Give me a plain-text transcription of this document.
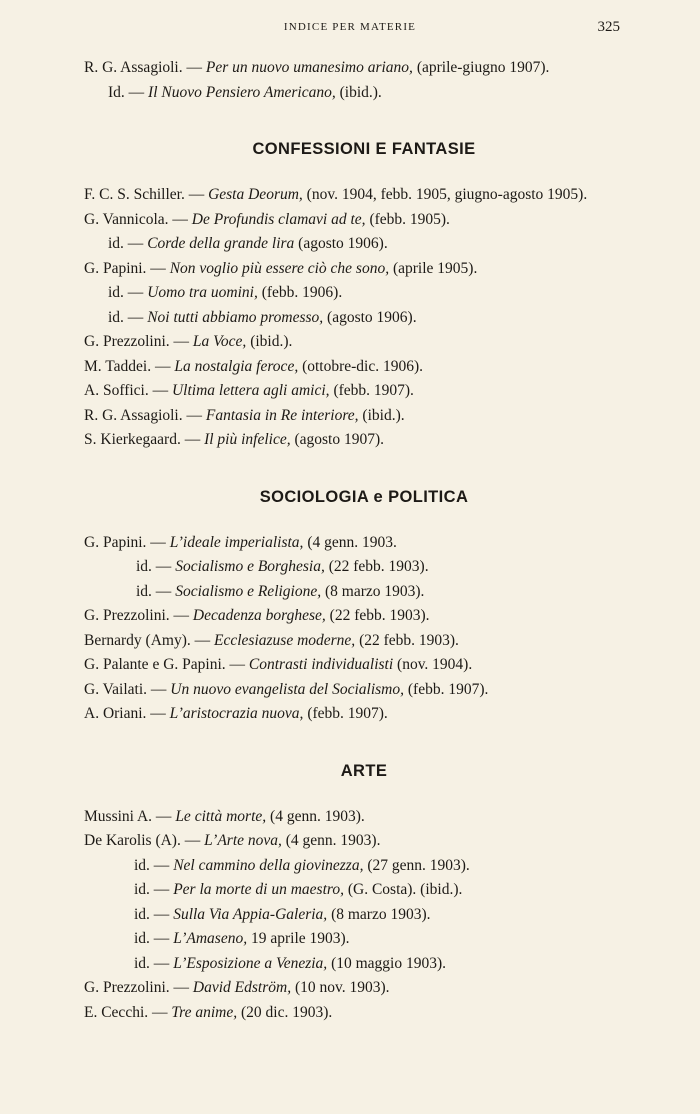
INDICE PER MATERIE	325

R. G. Assagioli. — Per un nuovo umanesimo ariano, (aprile-giugno 1907).

Id. — Il Nuovo Pensiero Americano, (ibid.).

CONFESSIONI E FANTASIE

F. C. S. Schiller. — Gesta Deorum, (nov. 1904, febb. 1905, giugno-agosto 1905).

G. Vannicola. — De Profundis clamavi ad te, (febb. 1905).

id. — Corde della grande lira (agosto 1906).

G. Papini. — Non voglio più essere ciò che sono, (aprile 1905).

id. — Uomo tra uomini, (febb. 1906).

id. — Noi tutti abbiamo promesso, (agosto 1906).

G. Prezzolini. — La Voce, (ibid.).

M. Taddei. — La nostalgia feroce, (ottobre-dic. 1906).

A. Soffici. — Ultima lettera agli amici, (febb. 1907).

R. G. Assagioli. — Fantasia in Re interiore, (ibid.).

S. Kierkegaard. — Il più infelice, (agosto 1907).

SOCIOLOGIA e POLITICA

G. Papini. — L’ideale imperialista, (4 genn. 1903.

id. — Socialismo e Borghesia, (22 febb. 1903).

id. — Socialismo e Religione, (8 marzo 1903).

G. Prezzolini. — Decadenza borghese, (22 febb. 1903).

Bernardy (Amy). — Ecclesiazuse moderne, (22 febb. 1903).

G. Palante e G. Papini. — Contrasti individualisti (nov. 1904).

G. Vailati. — Un nuovo evangelista del Socialismo, (febb. 1907).

A. Oriani. — L’aristocrazia nuova, (febb. 1907).

ARTE

Mussini A. — Le città morte, (4 genn. 1903).

De Karolis (A). — L’Arte nova, (4 genn. 1903).

id. — Nel cammino della giovinezza, (27 genn. 1903).

id. — Per la morte di un maestro, (G. Costa). (ibid.).

id. — Sulla Via Appia-Galeria, (8 marzo 1903).

id. — L’Amaseno, 19 aprile 1903).

id. — L’Esposizione a Venezia, (10 maggio 1903).

G. Prezzolini. — David Edström, (10 nov. 1903).

E. Cecchi. — Tre anime, (20 dic. 1903).
